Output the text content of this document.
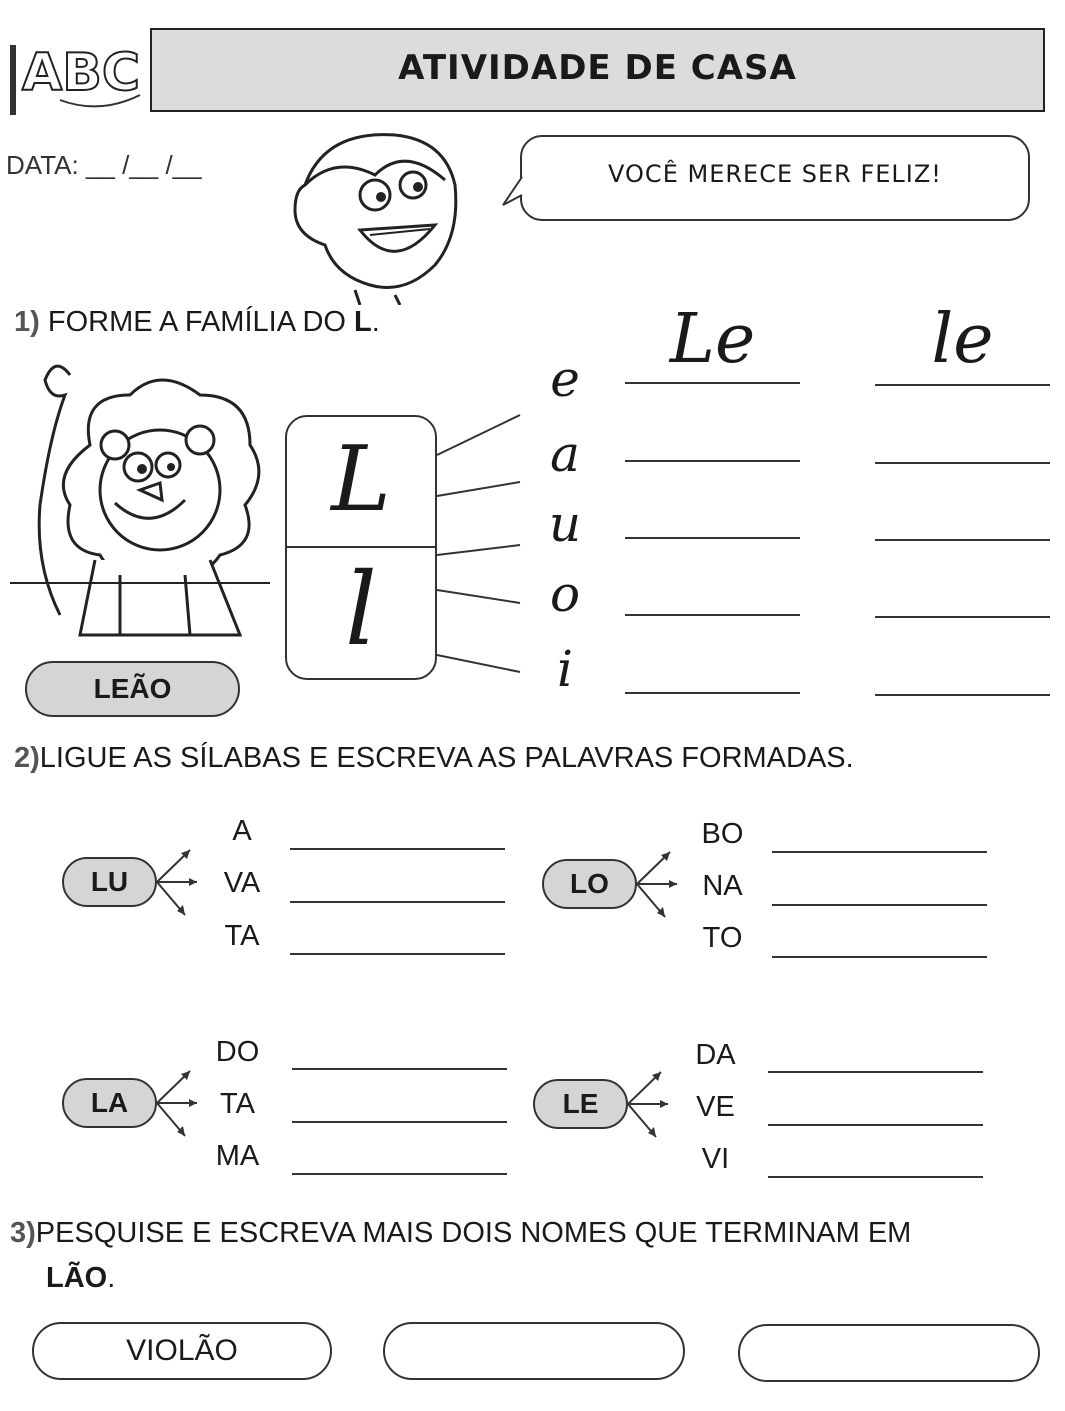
ABC	ATIVIDADE DE CASA
DATA: __ /__ /__	VOCÊ MERECE SER FELIZ!
1) FORME A FAMÍLIA DO L.
LEÃO
L
l
e
a
u
o
i
Le	le
2)LIGUE AS SÍLABAS E ESCREVA AS PALAVRAS FORMADAS.
LU
A
VA
TA
LO
BO
NA
TO
LA
DO
TA
MA
LE
DA
VE
VI
3)PESQUISE E ESCREVA MAIS DOIS NOMES QUE TERMINAM EM
LÃO.
VIOLÃO
